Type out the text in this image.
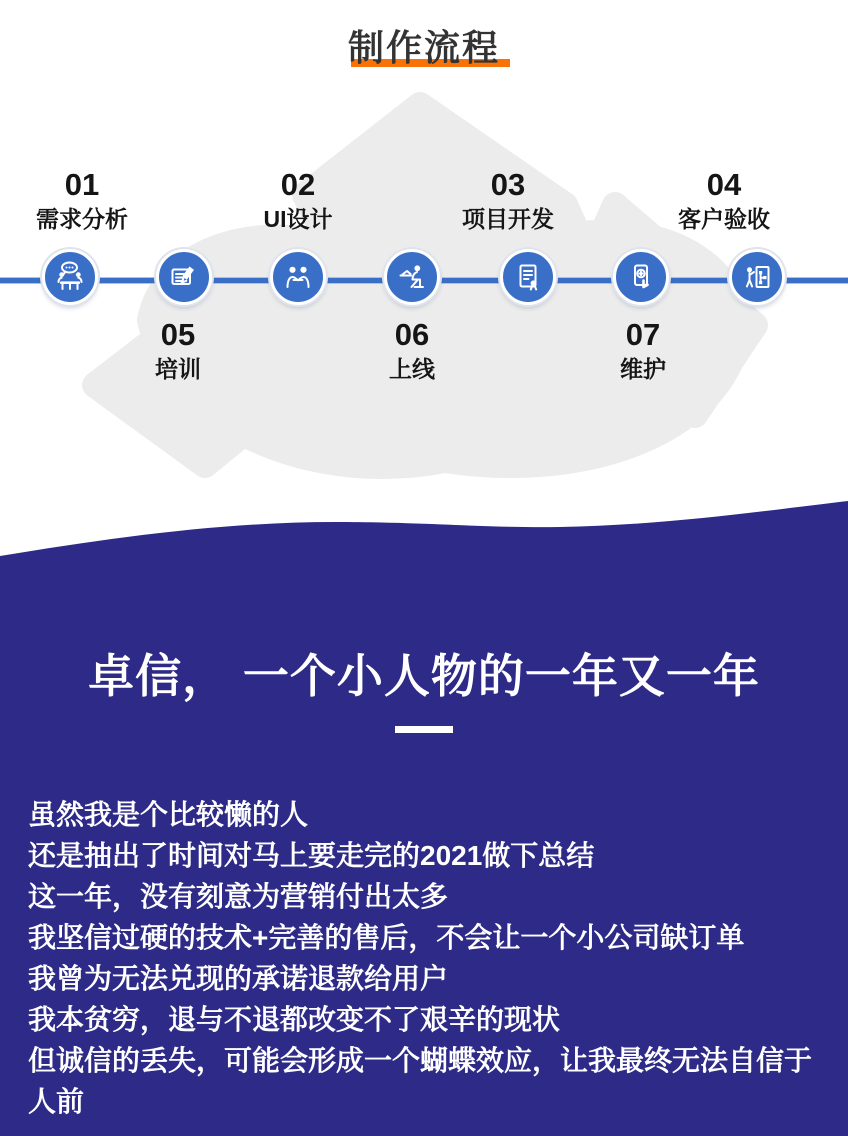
制作流程
01
需求分析
05
培训
02
UI设计
06
上线
03
项目开发
07
维护
04
客户验收
卓信， 一个小人物的一年又一年
虽然我是个比较懒的人
还是抽出了时间对马上要走完的2021做下总结
这一年，没有刻意为营销付出太多
我坚信过硬的技术+完善的售后，不会让一个小公司缺订单
我曾为无法兑现的承诺退款给用户
我本贫穷，退与不退都改变不了艰辛的现状
但诚信的丢失，可能会形成一个蝴蝶效应，让我最终无法自信于人前
